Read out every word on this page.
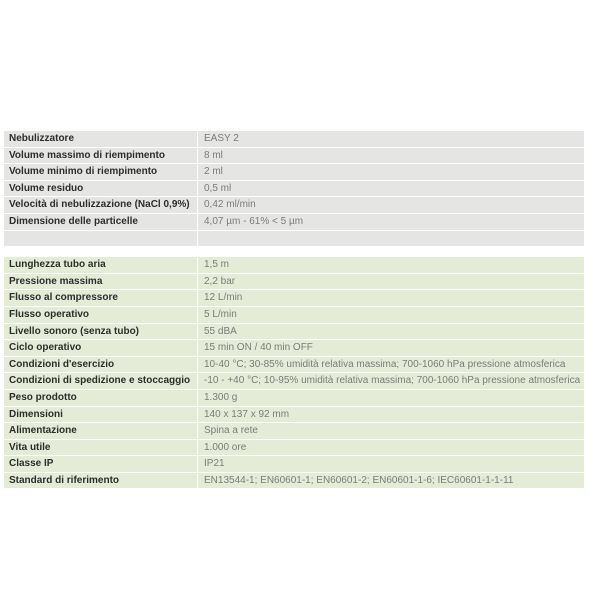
Nebulizzatore	EASY 2
Volume massimo di riempimento	8 ml
Volume minimo di riempimento	2 ml
Volume residuo	0,5 ml
Velocità di nebulizzazione (NaCl 0,9%)	0,42 ml/min
Dimensione delle particelle	4,07 µm - 61% < 5 µm
Lunghezza tubo aria	1,5 m
Pressione massima	2,2 bar
Flusso al compressore	12 L/min
Flusso operativo	5 L/min
Livello sonoro (senza tubo)	55 dBA
Ciclo operativo	15 min ON / 40 min OFF
Condizioni d'esercizio	10-40 °C; 30-85% umidità relativa massima; 700-1060 hPa pressione atmosferica
Condizioni di spedizione e stoccaggio	-10 - +40 °C; 10-95% umidità relativa massima; 700-1060 hPa pressione atmosferica
Peso prodotto	1.300 g
Dimensioni	140 x 137 x 92 mm
Alimentazione	Spina a rete
Vita utile	1.000 ore
Classe IP	IP21
Standard di riferimento	EN13544-1; EN60601-1; EN60601-2; EN60601-1-6; IEC60601-1-1-11
